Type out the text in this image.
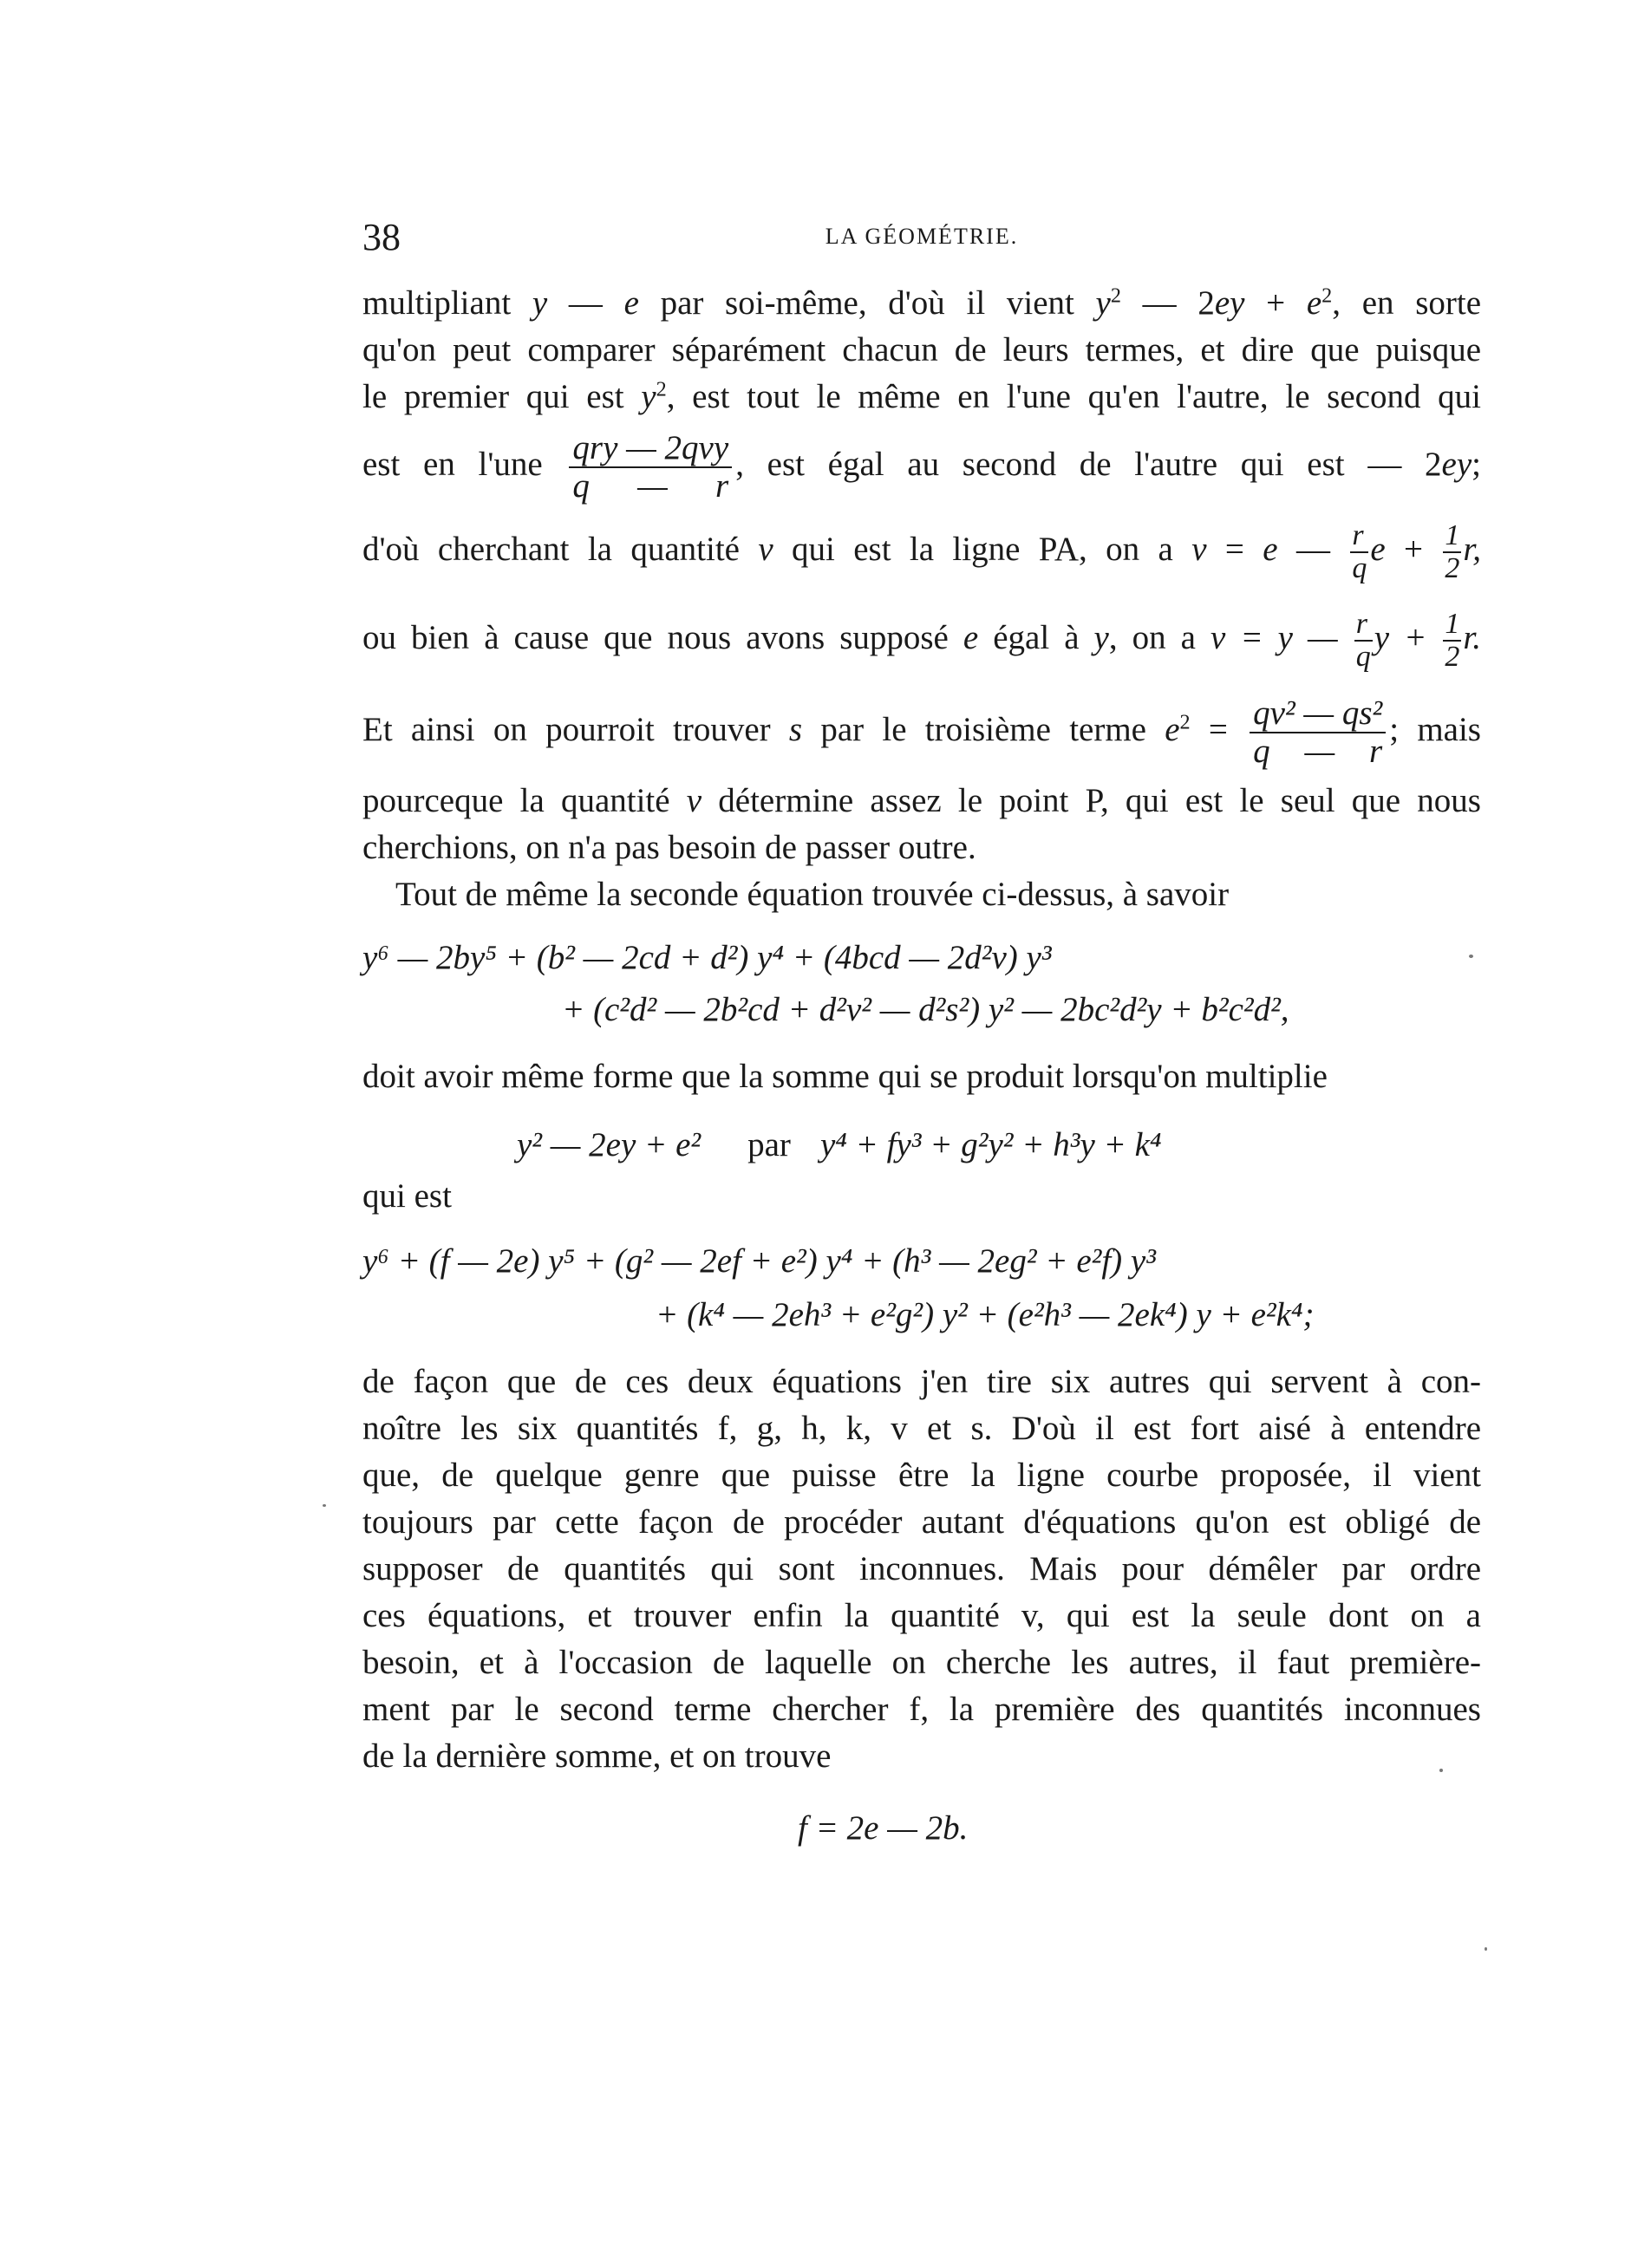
38	LA GÉOMÉTRIE.
multipliant y — e par soi-même, d'où il vient $y^2$ — $2ey + e^2$, en sorte
qu'on peut comparer séparément chacun de leurs termes, et dire que puisque
le premier qui est $y^2$, est tout le même en l'une qu'en l'autre, le second qui
est en $l'une \frac{\text{qry — 2qvy}}{q — r}$ , est égal au second de l'autre qui est — 2ey;
d'où cherchant la quantité v qui est la ligne PA, on a v = e — $\frac{r}{q}$ $e + \frac{1}{2} r$,
ou bien à cause que nous avons supposé e égal à y, on a v = y — $\frac{r}{q}$ $y + \frac{1}{2} r$.
Et ainsi on pourroit trouver s par le troisième terme $e^2 = \frac{\text{qv² — qs²}}{q — r}$ ; mais
pourceque la quantité v détermine assez le point P, qui est le seul que nous
cherchions, on n'a pas besoin de passer outre.
Tout de même la seconde équation trouvée ci-dessus, à savoir
y⁶ — 2by⁵ + (b² — 2cd + d²) y⁴ + (4bcd — 2d²v) y³
+ (c²d² — 2b²cd + d²v² — d²s²) y² — 2bc²d²y + b²c²d²,
doit avoir même forme que la somme qui se produit lorsqu'on multiplie
y² — 2ey + e² par y⁴ + fy³ + g²y² + h³y + k⁴
qui est
y⁶ + (f — 2e) y⁵ + (g² — 2ef + e²) y⁴ + (h³ — 2eg² + e²f) y³
+ (k⁴ — 2eh³ + e²g²) y² + (e²h³ — 2ek⁴) y + e²k⁴;
de façon que de ces deux équations j'en tire six autres qui servent à con-
noître les six quantités f, g, h, k, v et s. D'où il est fort aisé à entendre
que, de quelque genre que puisse être la ligne courbe proposée, il vient
toujours par cette façon de procéder autant d'équations qu'on est obligé de
supposer de quantités qui sont inconnues. Mais pour démêler par ordre
ces équations, et trouver enfin la quantité v, qui est la seule dont on a
besoin, et à l'occasion de laquelle on cherche les autres, il faut première-
ment par le second terme chercher f, la première des quantités inconnues
de la dernière somme, et on trouve
f = 2e — 2b.
